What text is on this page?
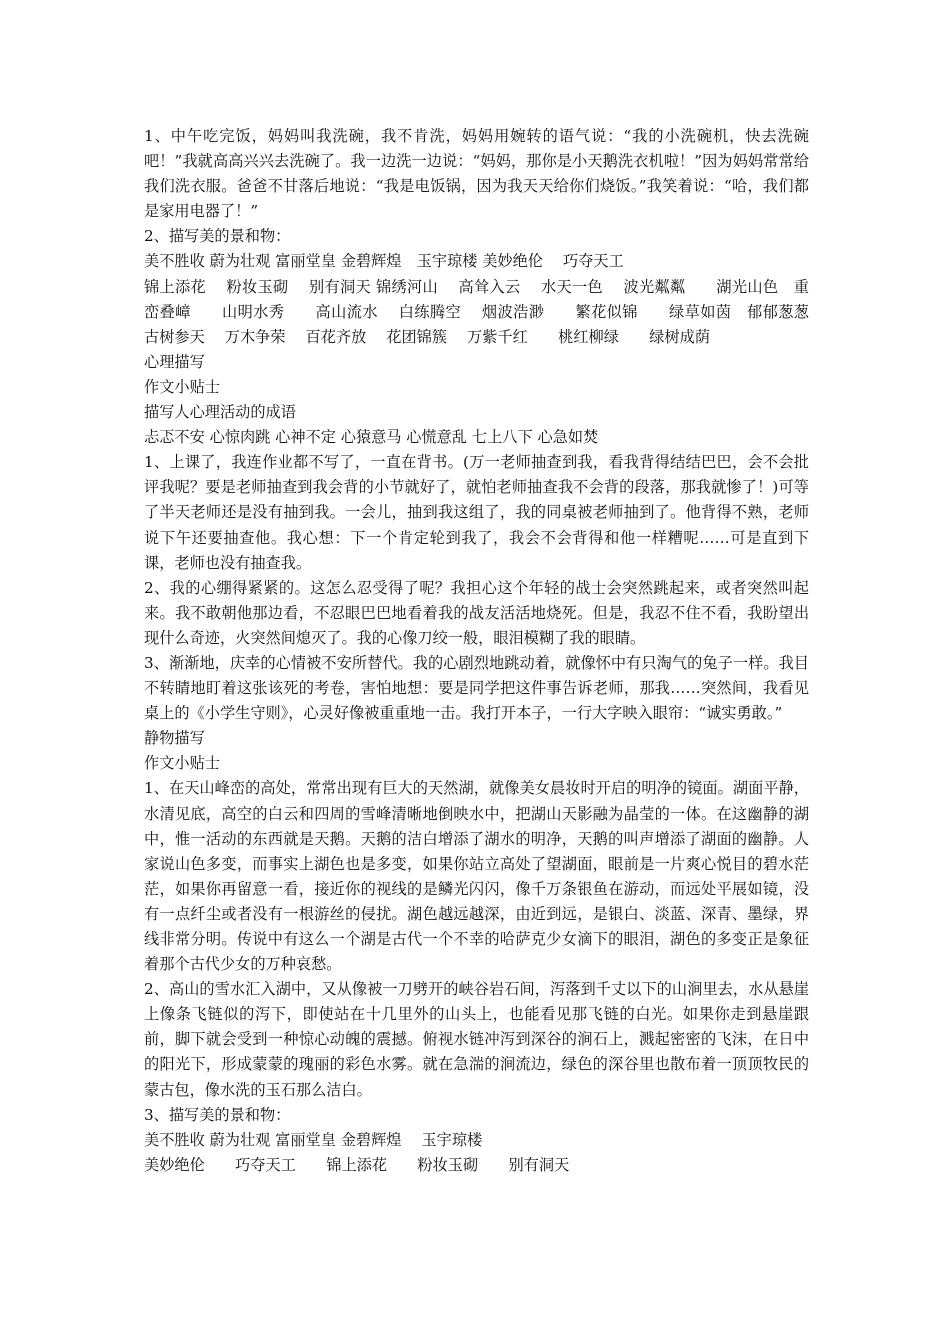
1、中午吃完饭，妈妈叫我洗碗，我不肯洗，妈妈用婉转的语气说：“我的小洗碗机，快去洗碗吧！”我就高高兴兴去洗碗了。我一边洗一边说：“妈妈，那你是小天鹅洗衣机啦！”因为妈妈常常给我们洗衣服。爸爸不甘落后地说：“我是电饭锅，因为我天天给你们烧饭。”我笑着说：“哈，我们都是家用电器了！”

2、描写美的景和物：

美不胜收 蔚为壮观 富丽堂皇 金碧辉煌　玉宇琼楼 美妙绝伦　 巧夺天工

锦上添花　 粉妆玉砌　 别有洞天 锦绣河山　 高耸入云　 水天一色　 波光粼粼　　湖光山色　重峦叠嶂　　山明水秀　　高山流水　 白练腾空　 烟波浩渺　　繁花似锦　　绿草如茵　郁郁葱葱　　古树参天　 万木争荣　 百花齐放　 花团锦簇　 万紫千红　　桃红柳绿　　绿树成荫

心理描写

作文小贴士

描写人心理活动的成语

忐忑不安 心惊肉跳 心神不定 心猿意马 心慌意乱 七上八下 心急如焚

1、上课了，我连作业都不写了，一直在背书。(万一老师抽查到我，看我背得结结巴巴，会不会批评我呢？要是老师抽查到我会背的小节就好了，就怕老师抽查我不会背的段落，那我就惨了！)可等了半天老师还是没有抽到我。一会儿，抽到我这组了，我的同桌被老师抽到了。他背得不熟，老师说下午还要抽查他。我心想：下一个肯定轮到我了，我会不会背得和他一样糟呢……可是直到下课，老师也没有抽查我。

2、我的心绷得紧紧的。这怎么忍受得了呢？我担心这个年轻的战士会突然跳起来，或者突然叫起来。我不敢朝他那边看，不忍眼巴巴地看着我的战友活活地烧死。但是，我忍不住不看，我盼望出现什么奇迹，火突然间熄灭了。我的心像刀绞一般，眼泪模糊了我的眼睛。

3、渐渐地，庆幸的心情被不安所替代。我的心剧烈地跳动着，就像怀中有只淘气的兔子一样。我目不转睛地盯着这张该死的考卷，害怕地想：要是同学把这件事告诉老师，那我……突然间，我看见桌上的《小学生守则》，心灵好像被重重地一击。我打开本子，一行大字映入眼帘：“诚实勇敢。”

静物描写

作文小贴士

1、在天山峰峦的高处，常常出现有巨大的天然湖，就像美女晨妆时开启的明净的镜面。湖面平静，水清见底，高空的白云和四周的雪峰清晰地倒映水中，把湖山天影融为晶莹的一体。在这幽静的湖中，惟一活动的东西就是天鹅。天鹅的洁白增添了湖水的明净，天鹅的叫声增添了湖面的幽静。人家说山色多变，而事实上湖色也是多变，如果你站立高处了望湖面，眼前是一片爽心悦目的碧水茫茫，如果你再留意一看，接近你的视线的是鳞光闪闪，像千万条银鱼在游动，而远处平展如镜，没有一点纤尘或者没有一根游丝的侵扰。湖色越远越深，由近到远，是银白、淡蓝、深青、墨绿，界线非常分明。传说中有这么一个湖是古代一个不幸的哈萨克少女滴下的眼泪，湖色的多变正是象征着那个古代少女的万种哀愁。

2、高山的雪水汇入湖中，又从像被一刀劈开的峡谷岩石间，泻落到千丈以下的山涧里去，水从悬崖上像条飞链似的泻下，即使站在十几里外的山头上，也能看见那飞链的白光。如果你走到悬崖跟前，脚下就会受到一种惊心动魄的震撼。俯视水链冲泻到深谷的涧石上，溅起密密的飞沫，在日中的阳光下，形成蒙蒙的瑰丽的彩色水雾。就在急湍的涧流边，绿色的深谷里也散布着一顶顶牧民的蒙古包，像水洗的玉石那么洁白。

3、描写美的景和物：

美不胜收 蔚为壮观 富丽堂皇 金碧辉煌　 玉宇琼楼

美妙绝伦　　巧夺天工　　锦上添花　　粉妆玉砌　　别有洞天
